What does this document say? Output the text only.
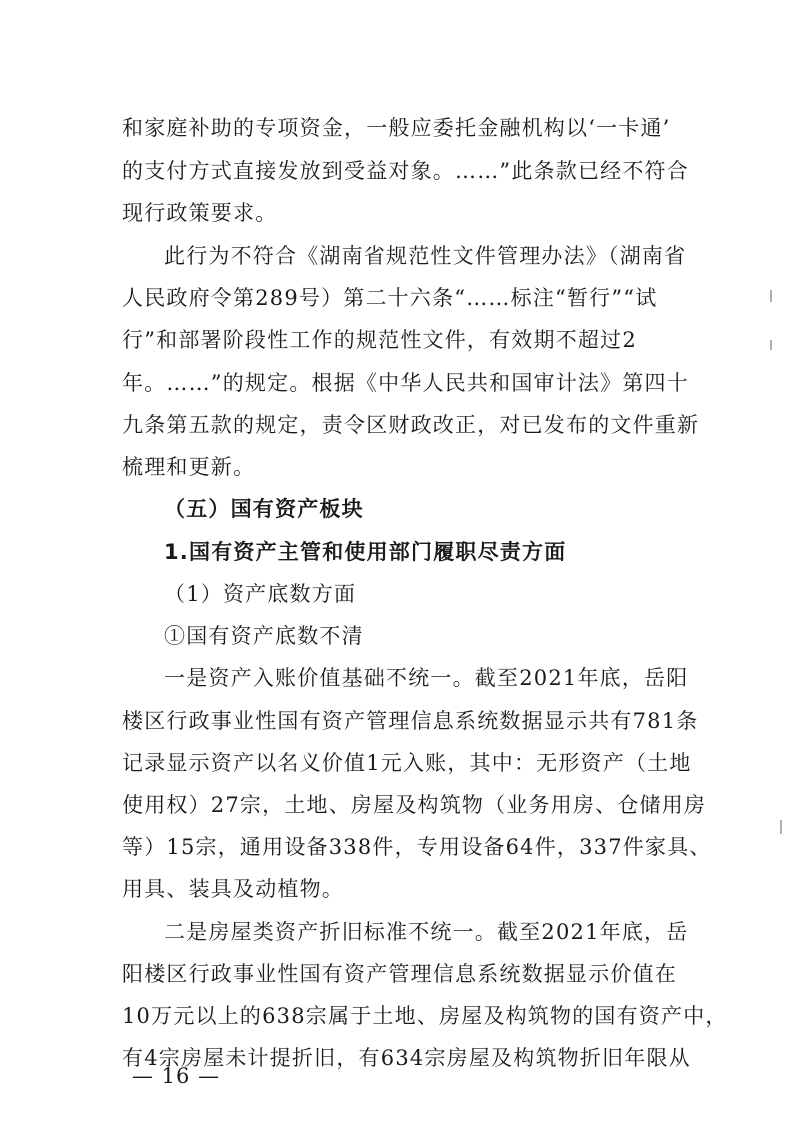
和家庭补助的专项资金，一般应委托金融机构以‘一卡通’
的支付方式直接发放到受益对象。……”此条款已经不符合
现行政策要求。
此行为不符合《湖南省规范性文件管理办法》（湖南省
人民政府令第289号）第二十六条“……标注“暂行”“试
行”和部署阶段性工作的规范性文件，有效期不超过2
年。……”的规定。根据《中华人民共和国审计法》第四十
九条第五款的规定，责令区财政改正，对已发布的文件重新
梳理和更新。
（五）国有资产板块
1.国有资产主管和使用部门履职尽责方面
（1）资产底数方面
①国有资产底数不清
一是资产入账价值基础不统一。截至2021年底，岳阳
楼区行政事业性国有资产管理信息系统数据显示共有781条
记录显示资产以名义价值1元入账，其中：无形资产（土地
使用权）27宗，土地、房屋及构筑物（业务用房、仓储用房
等）15宗，通用设备338件，专用设备64件，337件家具、
用具、装具及动植物。
二是房屋类资产折旧标准不统一。截至2021年底，岳
阳楼区行政事业性国有资产管理信息系统数据显示价值在
10万元以上的638宗属于土地、房屋及构筑物的国有资产中，
有4宗房屋未计提折旧，有634宗房屋及构筑物折旧年限从
— 16 —
